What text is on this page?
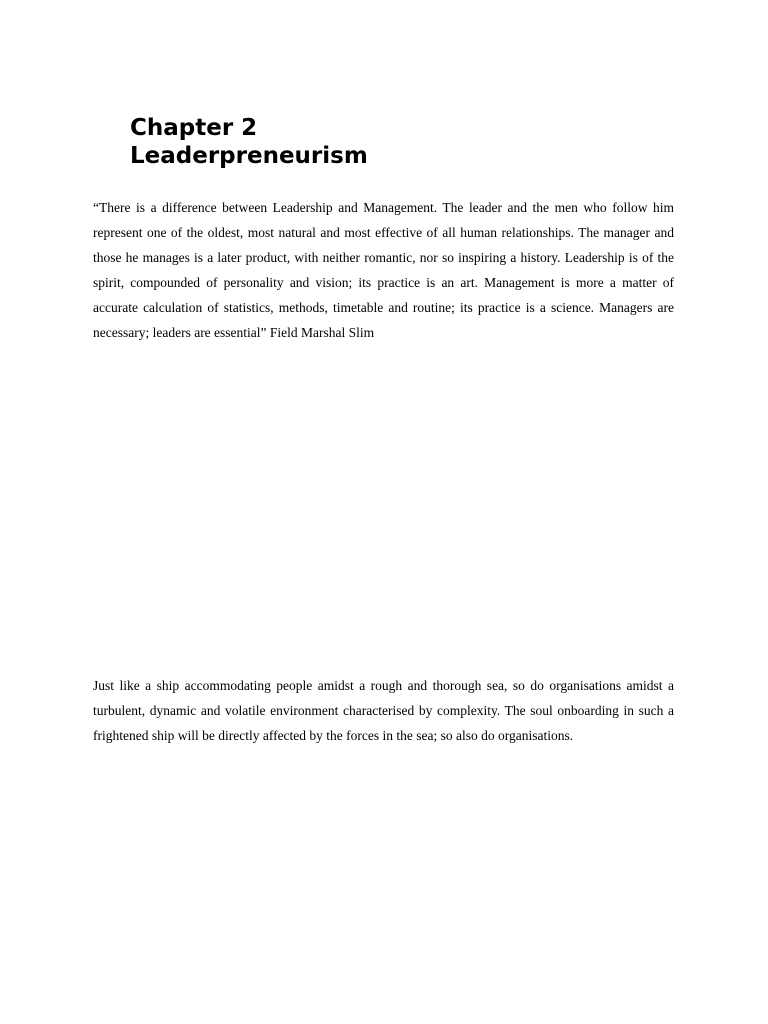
Chapter 2
Leaderpreneurism

“There is a difference between Leadership and Management. The leader and the men who follow him represent one of the oldest, most natural and most effective of all human relationships. The manager and those he manages is a later product, with neither romantic, nor so inspiring a history. Leadership is of the spirit, compounded of personality and vision; its practice is an art. Management is more a matter of accurate calculation of statistics, methods, timetable and routine; its practice is a science. Managers are necessary; leaders are essential” Field Marshal Slim

Just like a ship accommodating people amidst a rough and thorough sea, so do organisations amidst a turbulent, dynamic and volatile environment characterised by complexity. The soul onboarding in such a frightened ship will be directly affected by the forces in the sea; so also do organisations.
